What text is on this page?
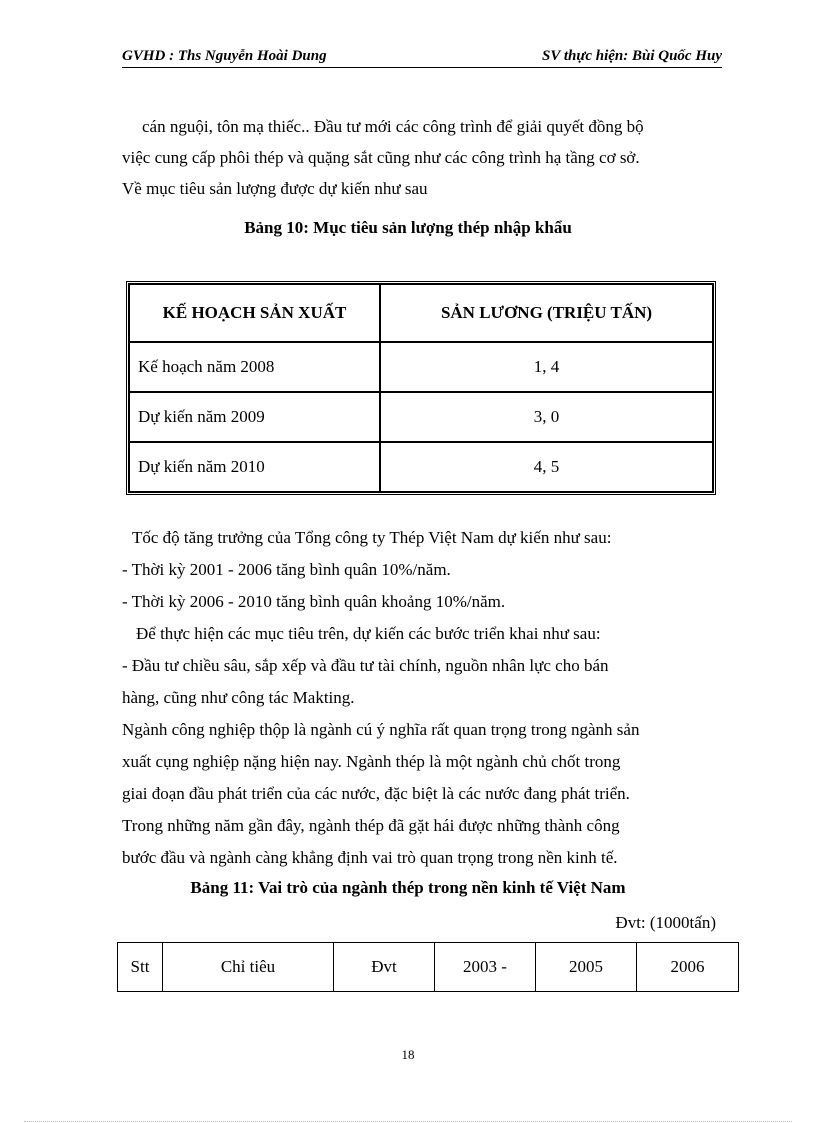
GVHD : Ths Nguyễn Hoài Dung	SV thực hiện: Bùi Quốc Huy
cán nguội, tôn mạ thiếc.. Đầu tư mới các công trình để giải quyết đồng bộ
việc cung cấp phôi thép và quặng sắt cũng như các công trình hạ tầng cơ sở.
Về mục tiêu sản lượng được dự kiến như sau

Bảng 10: Mục tiêu sản lượng thép nhập khẩu

KẾ HOẠCH SẢN XUẤT	SẢN LƯƠNG (TRIỆU TẤN)
Kế hoạch năm 2008	1, 4
Dự kiến năm 2009	3, 0
Dự kiến năm 2010	4, 5
Tốc độ tăng trưởng của Tổng công ty Thép Việt Nam dự kiến như sau:
- Thời kỳ 2001 - 2006 tăng bình quân 10%/năm.
- Thời kỳ 2006 - 2010 tăng bình quân khoảng 10%/năm.
Để thực hiện các mục tiêu trên, dự kiến các bước triển khai như sau:
- Đầu tư chiều sâu, sắp xếp và đầu tư tài chính, nguồn nhân lực cho bán
hàng, cũng như công tác Makting.
Ngành công nghiệp thộp là ngành cú ý nghĩa rất quan trọng trong ngành sản
xuất cụng nghiệp nặng hiện nay. Ngành thép là một ngành chủ chốt trong
giai đoạn đầu phát triển của các nước, đặc biệt là các nước đang phát triển.
Trong những năm gần đây, ngành thép đã gặt hái được những thành công
bước đầu và ngành càng khẳng định vai trò quan trọng trong nền kinh tế.

Bảng 11: Vai trò của ngành thép trong nền kinh tế Việt Nam

Đvt: (1000tấn)
Stt	Chỉ tiêu	Đvt	2003 -	2005	2006
18
